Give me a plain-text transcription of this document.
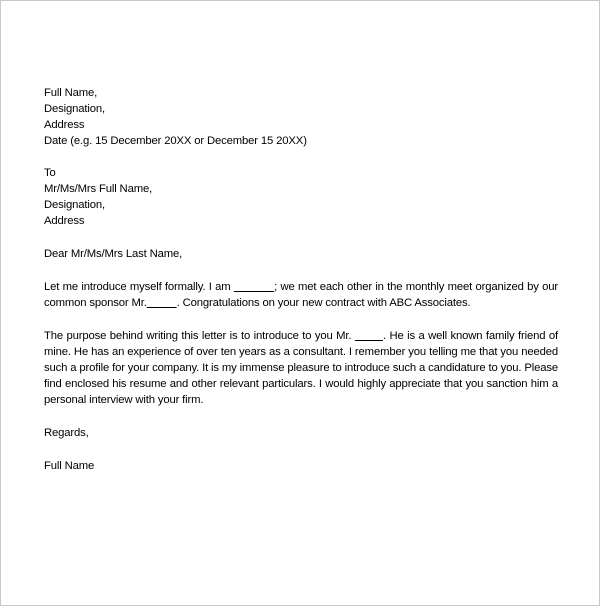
Full Name,
Designation,
Address
Date (e.g. 15 December 20XX or December 15 20XX)
To
Mr/Ms/Mrs Full Name,
Designation,
Address
Dear Mr/Ms/Mrs Last Name,

Let me introduce myself formally. I am	; we met each other in the monthly meet organized by our common sponsor Mr.	. Congratulations on your new contract with ABC Associates.

The purpose behind writing this letter is to introduce to you Mr.         . He is a well known family friend of mine. He has an experience of over ten years as a consultant. I remember you telling me that you needed such a profile for your company. It is my immense pleasure to introduce such a candidature to you. Please find enclosed his resume and other relevant particulars. I would highly appreciate that you sanction him a personal interview with your firm.

Regards,
Full Name
